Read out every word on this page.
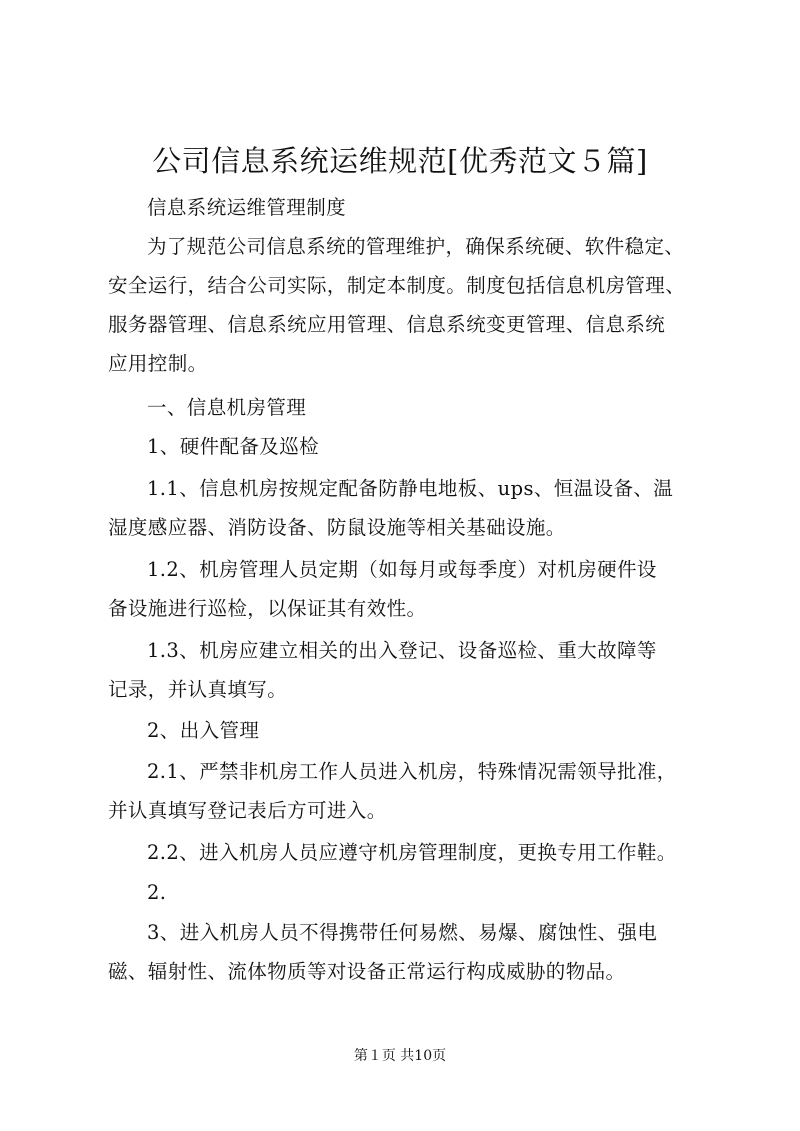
公司信息系统运维规范[优秀范文５篇]

信息系统运维管理制度

为了规范公司信息系统的管理维护，确保系统硬、软件稳定、

安全运行，结合公司实际，制定本制度。制度包括信息机房管理、

服务器管理、信息系统应用管理、信息系统变更管理、信息系统

应用控制。

一、信息机房管理

1、硬件配备及巡检

1.1、信息机房按规定配备防静电地板、ups、恒温设备、温

湿度感应器、消防设备、防鼠设施等相关基础设施。

1.2、机房管理人员定期（如每月或每季度）对机房硬件设

备设施进行巡检，以保证其有效性。

1.3、机房应建立相关的出入登记、设备巡检、重大故障等

记录，并认真填写。

2、出入管理

2.1、严禁非机房工作人员进入机房，特殊情况需领导批准，

并认真填写登记表后方可进入。

2.2、进入机房人员应遵守机房管理制度，更换专用工作鞋。

2.

3、进入机房人员不得携带任何易燃、易爆、腐蚀性、强电

磁、辐射性、流体物质等对设备正常运行构成威胁的物品。

第１页 共10页
